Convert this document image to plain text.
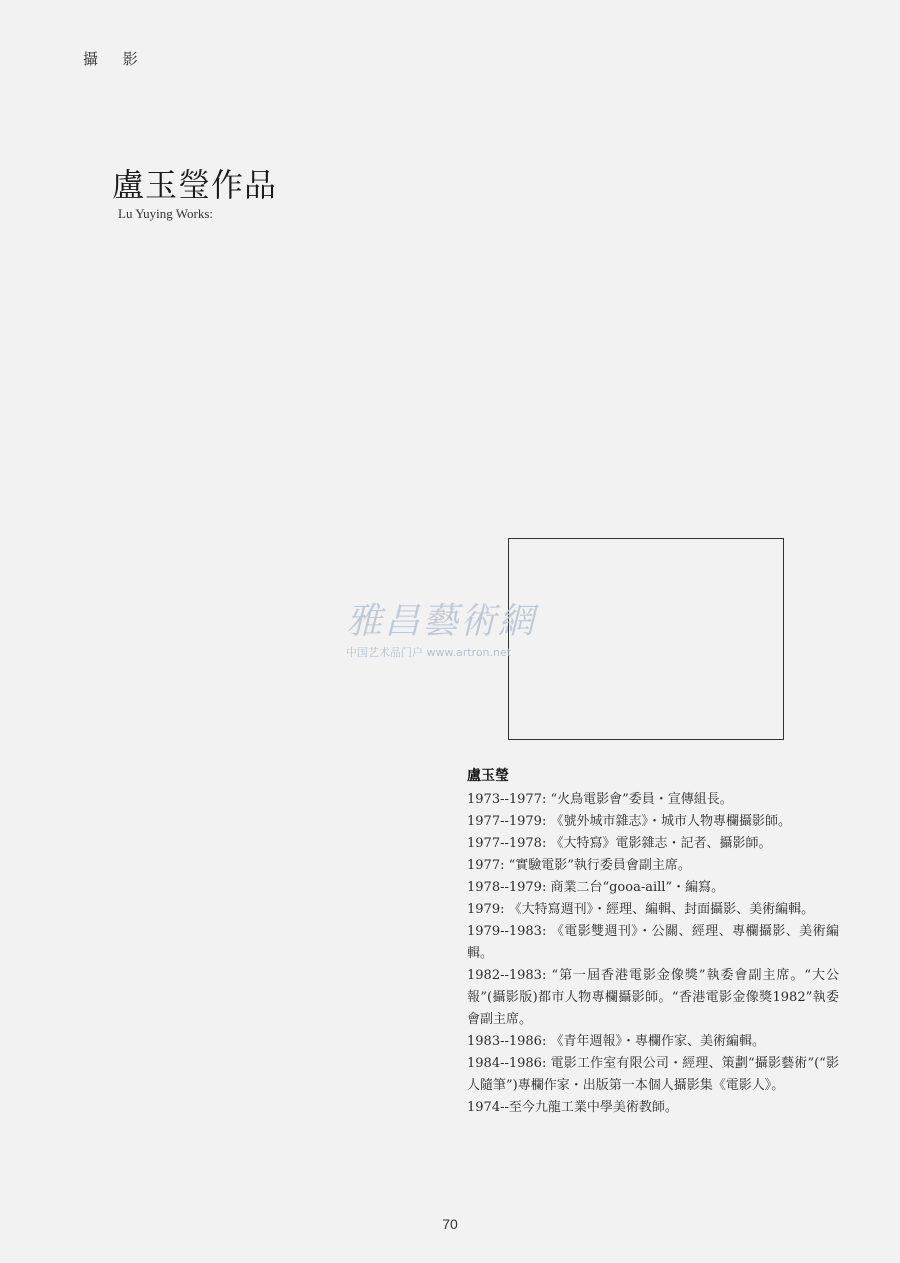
攝 影
盧玉瑩作品
Lu Yuying Works:
雅昌藝術網
中国艺术品门户 www.artron.net
盧玉瑩

1973--1977: “火鳥電影會”委員・宣傳組長。

1977--1979: 《號外城市雜志》・城市人物專欄攝影師。

1977--1978: 《大特寫》電影雜志・記者、攝影師。

1977: “實驗電影”執行委員會副主席。

1978--1979: 商業二台“gooa-aill”・編寫。

1979: 《大特寫週刊》・經理、編輯、封面攝影、美術編輯。

1979--1983: 《電影雙週刊》・公關、經理、專欄攝影、美術編輯。

1982--1983: “第一屆香港電影金像獎”執委會副主席。“大公報”(攝影版)都市人物專欄攝影師。“香港電影金像獎1982”執委會副主席。

1983--1986: 《青年週報》・專欄作家、美術編輯。

1984--1986: 電影工作室有限公司・經理、策劃“攝影藝術”(“影人隨筆”)專欄作家・出版第一本個人攝影集《電影人》。

1974--至今九龍工業中學美術教師。

70
